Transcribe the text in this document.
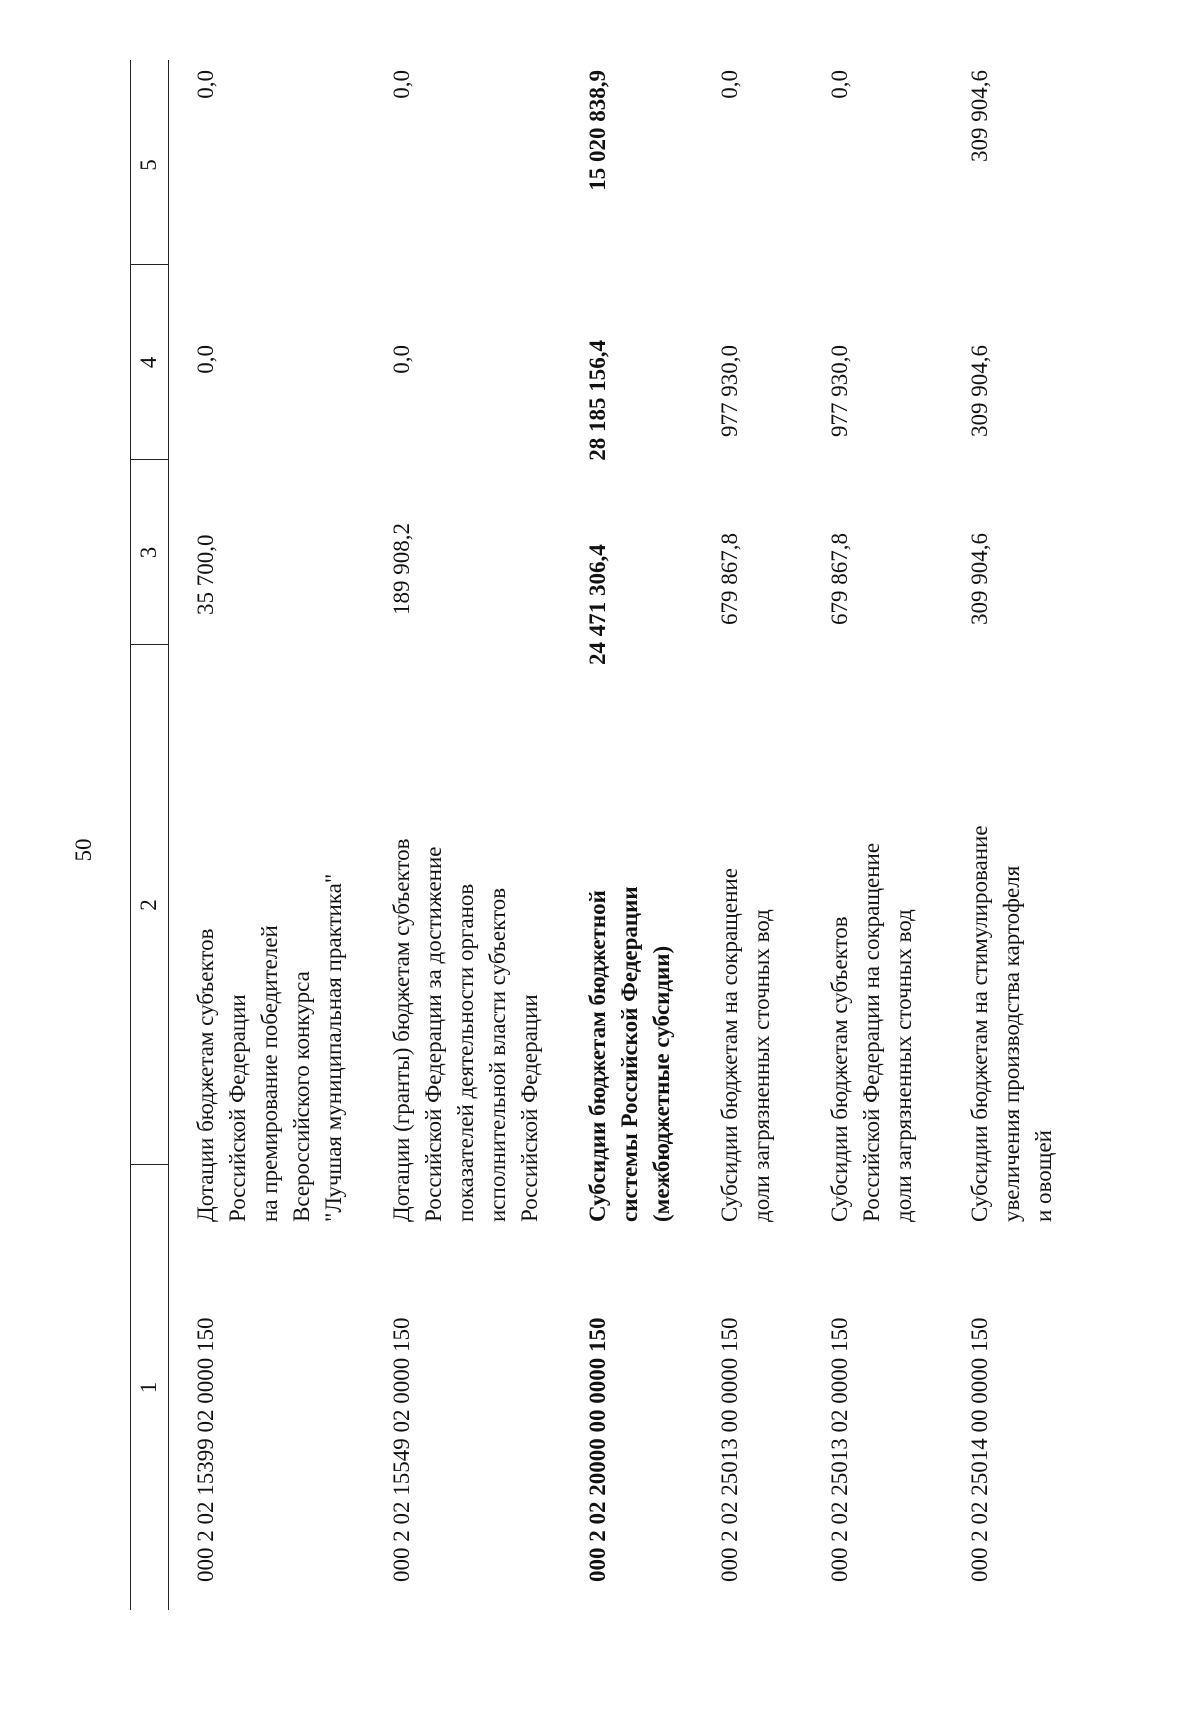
50
1
2
3
4
5
000 2 02 15399 02 0000 150
Дотации бюджетам субъектов Российской Федерации на премирование победителей Всероссийского конкурса "Лучшая муниципальная практика"
35 700,0
0,0
0,0
000 2 02 15549 02 0000 150
Дотации (гранты) бюджетам субъектов Российской Федерации за достижение показателей деятельности органов исполнительной власти субъектов Российской Федерации
189 908,2
0,0
0,0
000 2 02 20000 00 0000 150
Субсидии бюджетам бюджетной системы Российской Федерации (межбюджетные субсидии)
24 471 306,4
28 185 156,4
15 020 838,9
000 2 02 25013 00 0000 150
Субсидии бюджетам на сокращение доли загрязненных сточных вод
679 867,8
977 930,0
0,0
000 2 02 25013 02 0000 150
Субсидии бюджетам субъектов Российской Федерации на сокращение доли загрязненных сточных вод
679 867,8
977 930,0
0,0
000 2 02 25014 00 0000 150
Субсидии бюджетам на стимулирование увеличения производства картофеля и овощей
309 904,6
309 904,6
309 904,6
